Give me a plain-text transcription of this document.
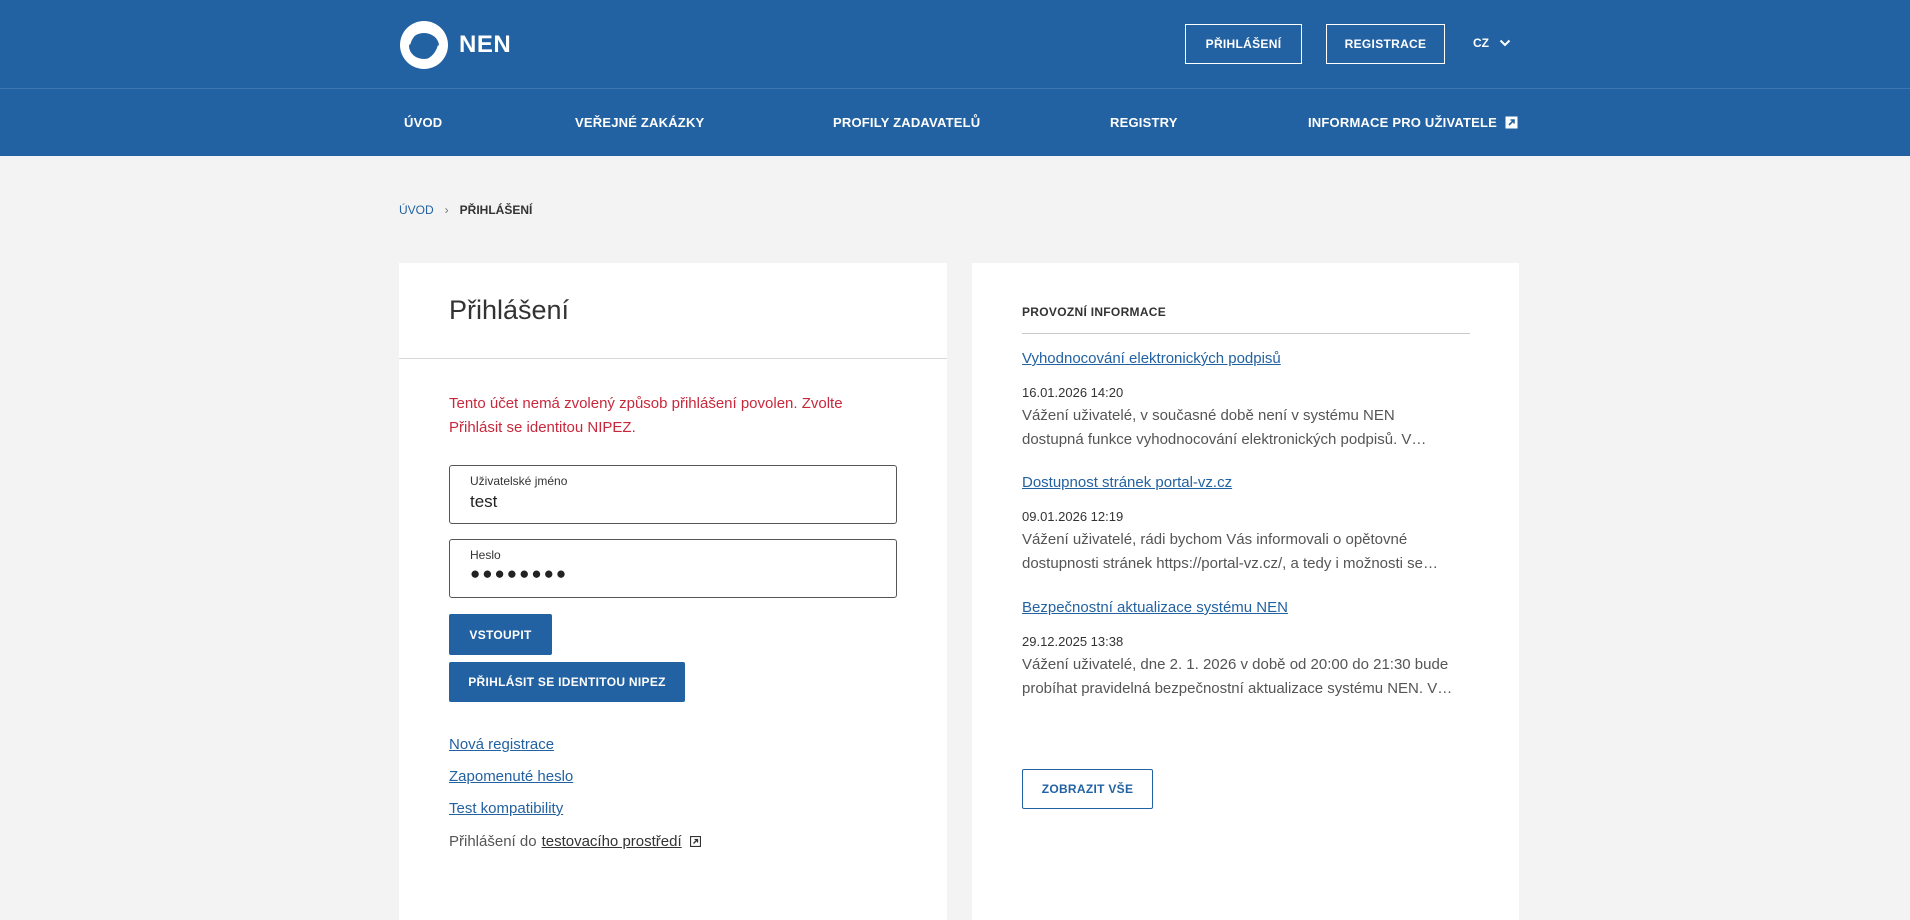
NEN	PŘIHLÁŠENÍ	REGISTRACE	CZ
ÚVOD	VEŘEJNÉ ZAKÁZKY	PROFILY ZADAVATELŮ	REGISTRY	INFORMACE PRO UŽIVATELE
ÚVOD › PŘIHLÁŠENÍ
Přihlášení
Tento účet nemá zvolený způsob přihlášení povolen. Zvolte
Přihlásit se identitou NIPEZ.
Uživatelské jméno
test
Heslo
●●●●●●●●
VSTOUPIT
PŘIHLÁSIT SE IDENTITOU NIPEZ
Nová registrace
Zapomenuté heslo
Test kompatibility
Přihlášení do testovacího prostředí
PROVOZNÍ INFORMACE
Vyhodnocování elektronických podpisů
16.01.2026 14:20
Vážení uživatelé, v současné době není v systému NEN
dostupná funkce vyhodnocování elektronických podpisů. V…
Dostupnost stránek portal-vz.cz
09.01.2026 12:19
Vážení uživatelé, rádi bychom Vás informovali o opětovné
dostupnosti stránek https://portal-vz.cz/, a tedy i možnosti se…
Bezpečnostní aktualizace systému NEN
29.12.2025 13:38
Vážení uživatelé, dne 2. 1. 2026 v době od 20:00 do 21:30 bude
probíhat pravidelná bezpečnostní aktualizace systému NEN. V…
ZOBRAZIT VŠE
